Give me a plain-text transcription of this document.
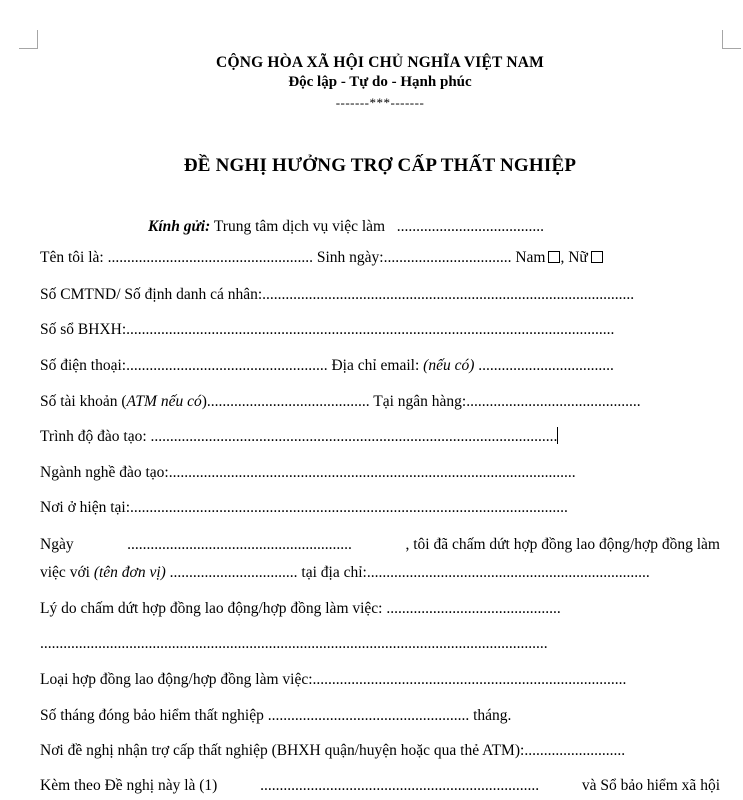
CỘNG HÒA XÃ HỘI CHỦ NGHĨA VIỆT NAM
Độc lập - Tự do - Hạnh phúc
-------***-------
ĐỀ NGHỊ HƯỞNG TRỢ CẤP THẤT NGHIỆP
Kính gửi: Trung tâm dịch vụ việc làm ......................................
Tên tôi là: ..................................................... Sinh ngày:................................. Nam , Nữ
Số CMTND/ Số định danh cá nhân:................................................................................................
Số sổ BHXH:..............................................................................................................................
Số điện thoại:.................................................... Địa chỉ email: (nếu có) ...................................
Số tài khoản (ATM nếu có).......................................... Tại ngân hàng:.............................................
Trình độ đào tạo: .........................................................................................................
Ngành nghề đào tạo:.........................................................................................................
Nơi ở hiện tại:.................................................................................................................
Ngày	..........................................................	, tôi đã chấm dứt hợp đồng lao động/hợp đồng làm
việc với (tên đơn vị) ................................. tại địa chỉ:.........................................................................
Lý do chấm dứt hợp đồng lao động/hợp đồng làm việc: .............................................
...................................................................................................................................
Loại hợp đồng lao động/hợp đồng làm việc:.................................................................................
Số tháng đóng bảo hiểm thất nghiệp .................................................... tháng.
Nơi đề nghị nhận trợ cấp thất nghiệp (BHXH quận/huyện hoặc qua thẻ ATM):..........................
Kèm theo Đề nghị này là (1)	........................................................................	và Sổ bảo hiểm xã hội
